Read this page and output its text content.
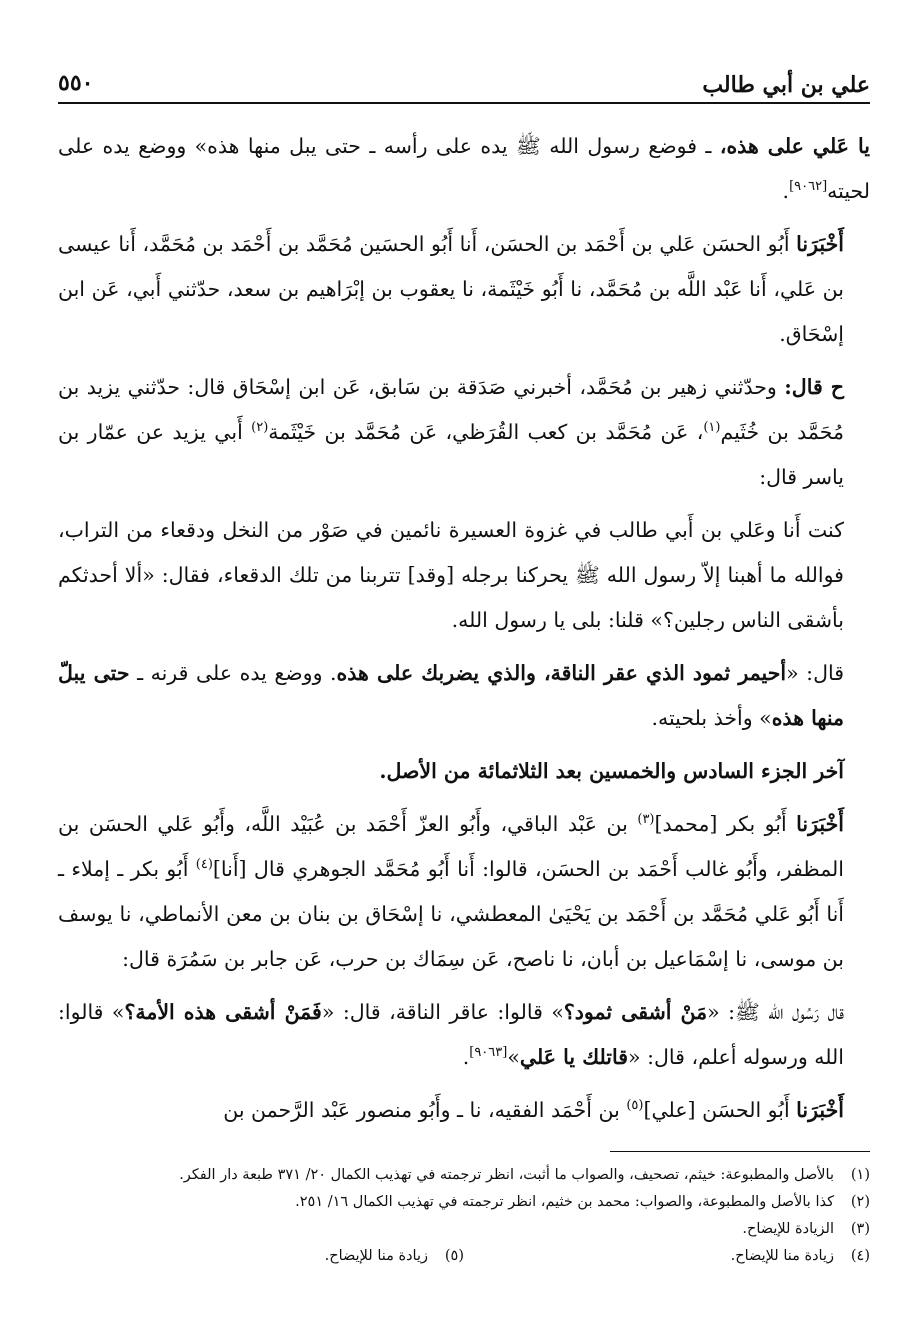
علي بن أبي طالب
٥٥٠

يا عَلي على هذه، ـ فوضع رسول الله ﷺ يده على رأسه ـ حتى يبل منها هذه» ووضع يده على لحيته[٩٠٦٢].

أَخْبَرَنا أَبُو الحسَن عَلي بن أَحْمَد بن الحسَن، أَنا أَبُو الحسَين مُحَمَّد بن أَحْمَد بن مُحَمَّد، أَنا عيسى بن عَلي، أَنا عَبْد اللَّه بن مُحَمَّد، نا أَبُو خَيْثَمة، نا يعقوب بن إبْرَاهيم بن سعد، حدّثني أَبي، عَن ابن إسْحَاق.

ح قال: وحدّثني زهير بن مُحَمَّد، أخبرني صَدَقة بن سَابق، عَن ابن إسْحَاق قال: حدّثني يزيد بن مُحَمَّد بن خُثَيم$^{(١)}$، عَن مُحَمَّد بن كعب القُرَظي، عَن مُحَمَّد بن خَيْثَمة$^{(٢)}$ أَبي يزيد عن عمّار بن ياسر قال:

كنت أَنا وعَلي بن أَبي طالب في غزوة العسيرة نائمين في صَوْر من النخل ودقعاء من التراب، فوالله ما أهبنا إلاّ رسول الله ﷺ يحركنا برجله [وقد] تتربنا من تلك الدقعاء، فقال: «ألا أحدثكم بأشقى الناس رجلين؟» قلنا: بلى يا رسول الله.

قال: «أحيمر ثمود الذي عقر الناقة، والذي يضربك على هذه. ووضع يده على قرنه ـ حتى يبلّ منها هذه» وأخذ بلحيته.

آخر الجزء السادس والخمسين بعد الثلاثمائة من الأصل.

أَخْبَرَنا أَبُو بكر [محمد]$^{(٣)}$ بن عَبْد الباقي، وأَبُو العزّ أَحْمَد بن عُبَيْد اللَّه، وأَبُو عَلي الحسَن بن المظفر، وأَبُو غالب أَحْمَد بن الحسَن، قالوا: أَنا أَبُو مُحَمَّد الجوهري قال [أَنا]$^{(٤)}$ أَبُو بكر ـ إملاء ـ أَنا أَبُو عَلي مُحَمَّد بن أَحْمَد بن يَحْيَىٰ المعطشي، نا إسْحَاق بن بنان بن معن الأنماطي، نا يوسف بن موسى، نا إسْمَاعيل بن أبان، نا ناصح، عَن سِمَاك بن حرب، عَن جابر بن سَمُرَة قال:

قال رَسُول الله ﷺ: «مَنْ أشقى ثمود؟» قالوا: عاقر الناقة، قال: «فَمَنْ أشقى هذه الأمة؟» قالوا: الله ورسوله أعلم، قال: «قاتلك يا عَلي»[٩٠٦٣].

أَخْبَرَنا أَبُو الحسَن [علي]$^{(٥)}$ بن أَحْمَد الفقيه، نا ـ وأَبُو منصور عَبْد الرَّحمن بن

(١)
بالأصل والمطبوعة: خيثم، تصحيف، والصواب ما أثبت، انظر ترجمته في تهذيب الكمال ٢٠/ ٣٧١ طبعة دار الفكر.
(٢)
كذا بالأصل والمطبوعة، والصواب: محمد بن خثيم، انظر ترجمته في تهذيب الكمال ١٦/ ٢٥١.
(٣)
الزيادة للإيضاح.
(٤)
زيادة منا للإيضاح.
(٥)
زيادة منا للإيضاح.
